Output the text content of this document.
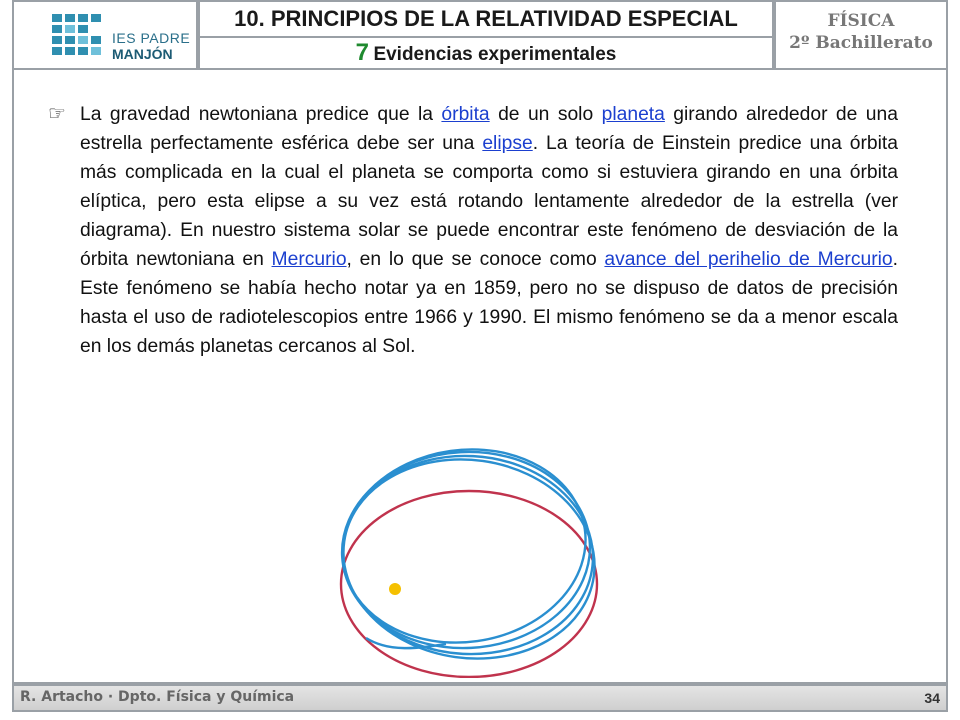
IES PADRE
MANJÓN
10. PRINCIPIOS DE LA RELATIVIDAD ESPECIAL
7 Evidencias experimentales
FÍSICA
2º Bachillerato
☞ La gravedad newtoniana predice que la órbita de un solo planeta girando alrededor de una estrella perfectamente esférica debe ser una elipse. La teoría de Einstein predice una órbita más complicada en la cual el planeta se comporta como si estuviera girando en una órbita elíptica, pero esta elipse a su vez está rotando lentamente alrededor de la estrella (ver diagrama). En nuestro sistema solar se puede encontrar este fenómeno de desviación de la órbita newtoniana en Mercurio, en lo que se conoce como avance del perihelio de Mercurio. Este fenómeno se había hecho notar ya en 1859, pero no se dispuso de datos de precisión hasta el uso de radiotelescopios entre 1966 y 1990. El mismo fenómeno se da a menor escala en los demás planetas cercanos al Sol.

R. Artacho · Dpto. Física y Química	34
